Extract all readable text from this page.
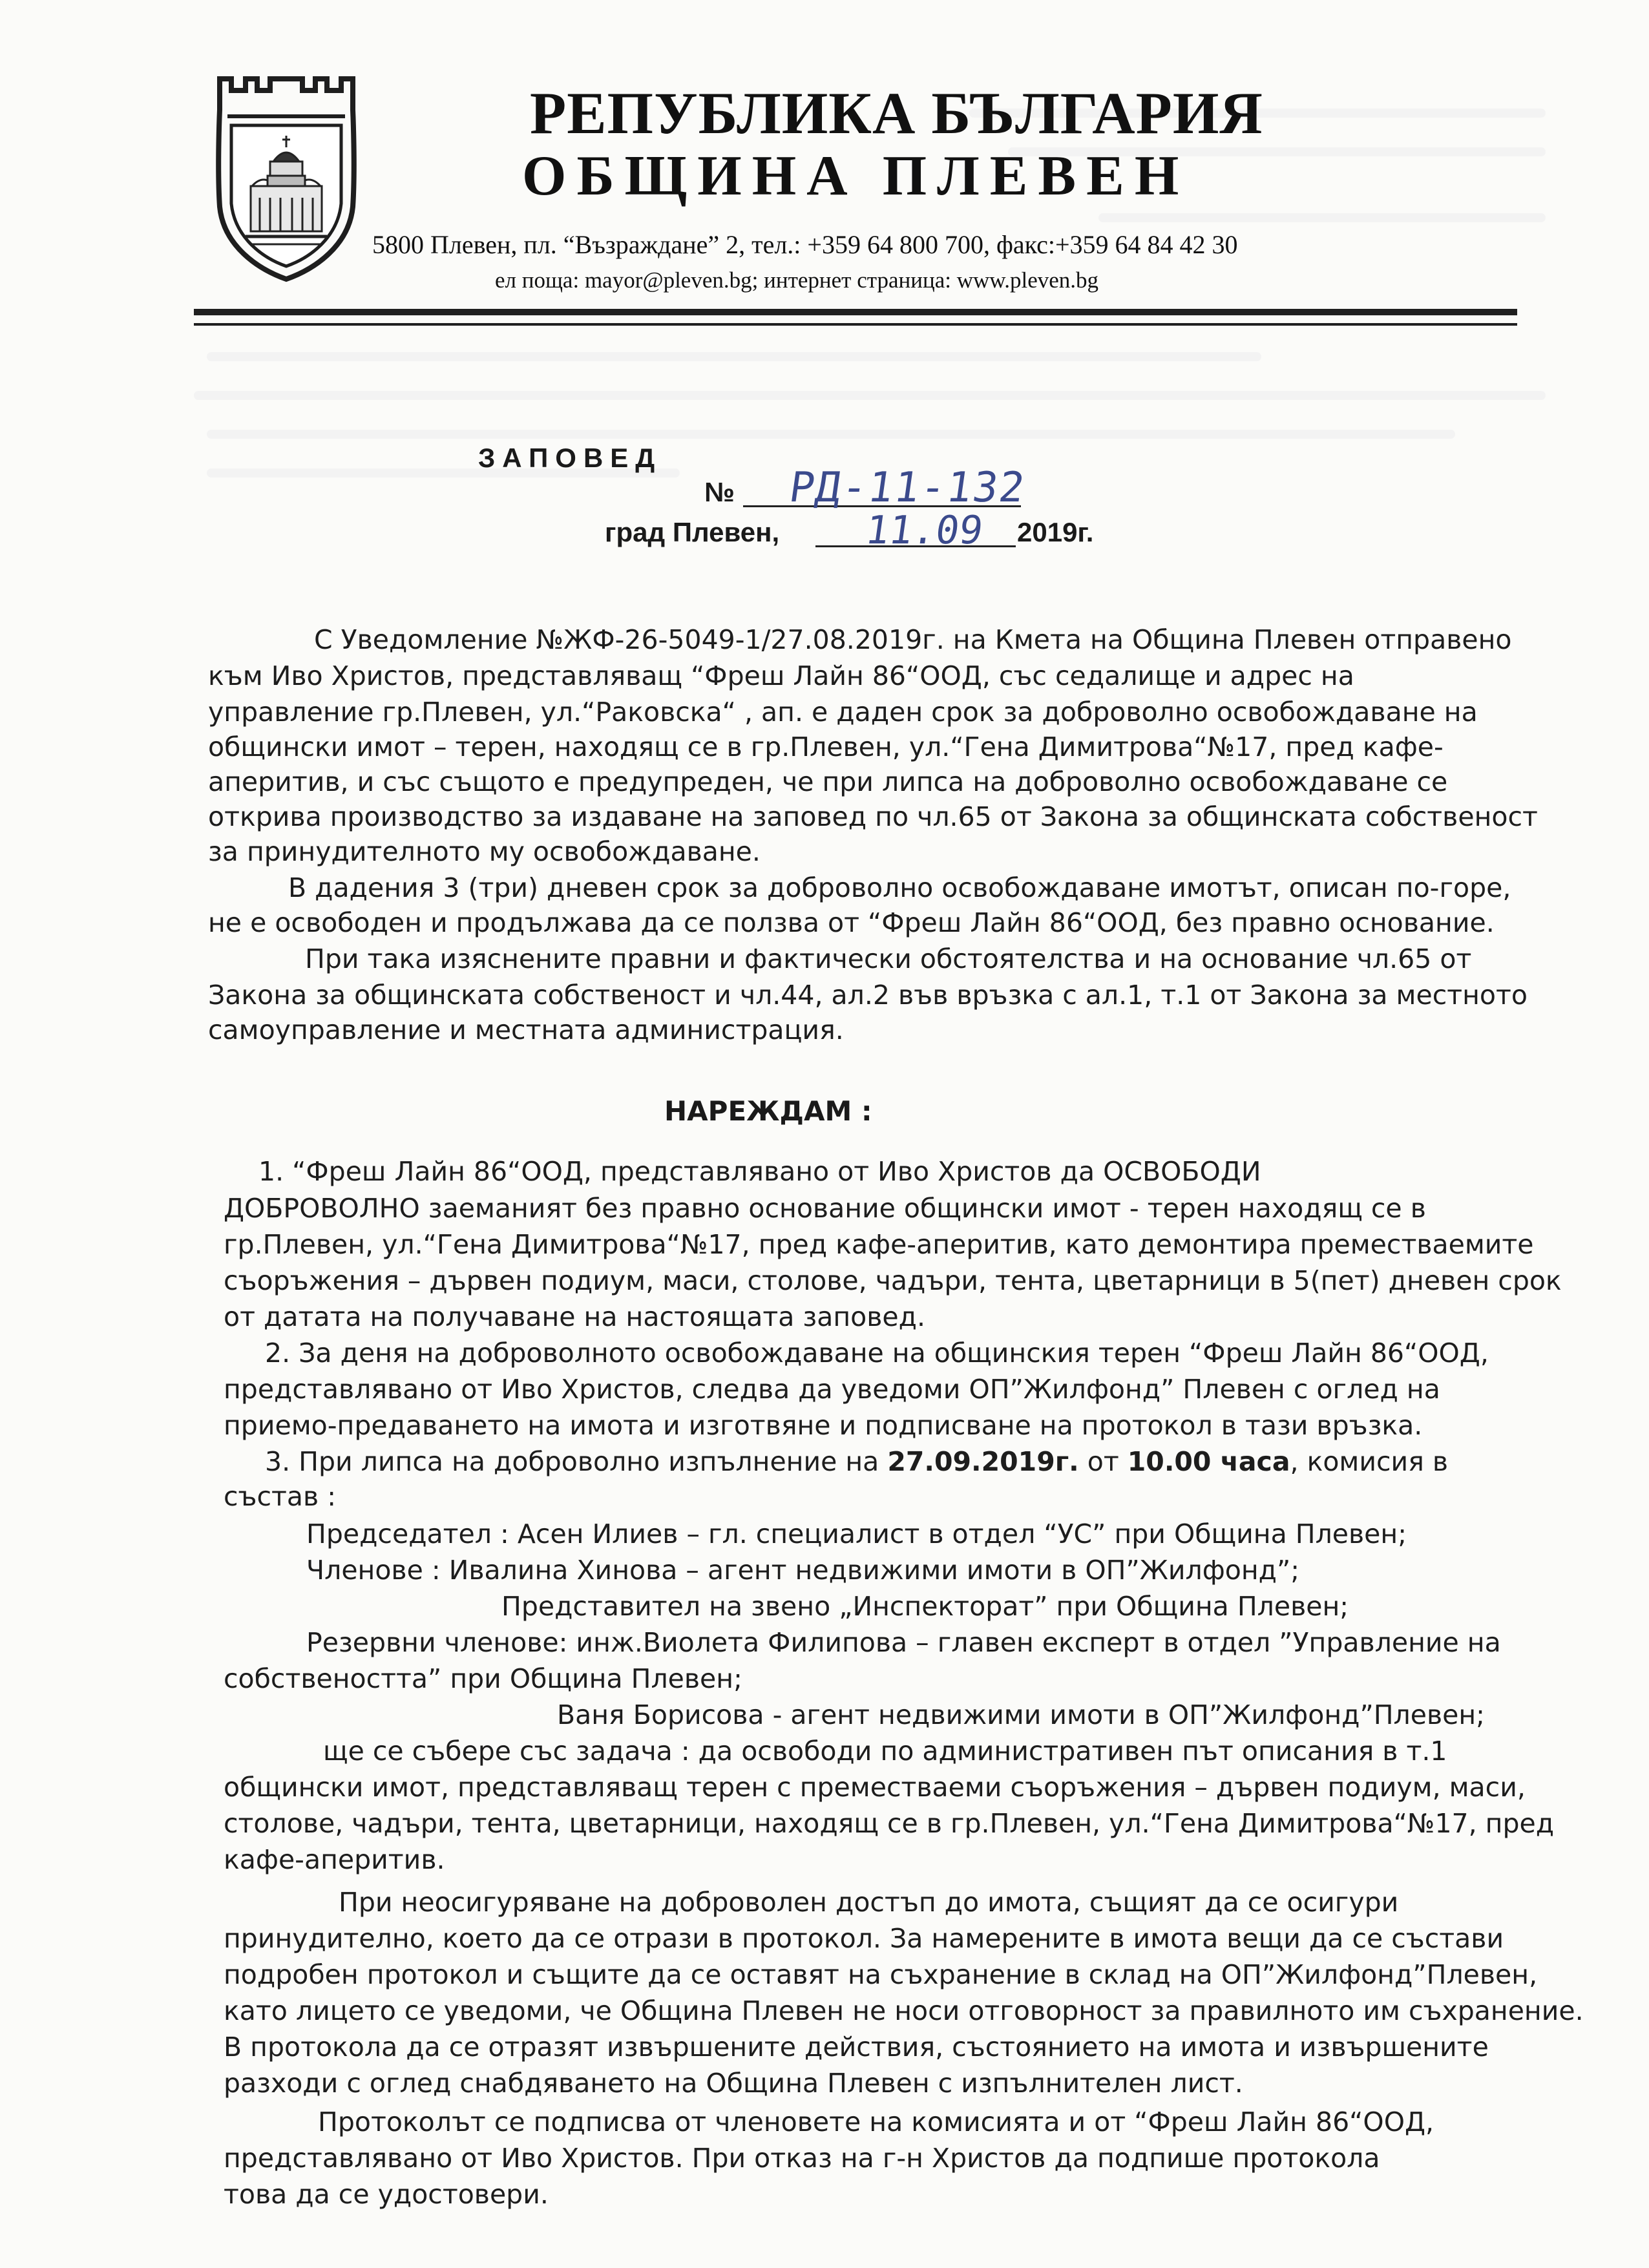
РЕПУБЛИКА БЪЛГАРИЯ
ОБЩИНА ПЛЕВЕН
5800 Плевен, пл. “Възраждане” 2, тел.: +359 64 800 700, факс:+359 64 84 42 30
ел поща: mayor@pleven.bg; интернет страница: www.pleven.bg
ЗАПОВЕД
№ РД-11-132
град Плевен, 11.09 2019г.
С Уведомление №ЖФ-26-5049-1/27.08.2019г. на Кмета на Община Плевен отправено
към Иво Христов, представляващ “Фреш Лайн 86“ООД, със седалище и адрес на
управление гр.Плевен, ул.“Раковска“ , ап. е даден срок за доброволно освобождаване на
общински имот – терен, находящ се в гр.Плевен, ул.“Гена Димитрова“№17, пред кафе-
аперитив, и със същото е предупреден, че при липса на доброволно освобождаване се
открива производство за издаване на заповед по чл.65 от Закона за общинската собственост
за принудителното му освобождаване.
В дадения 3 (три) дневен срок за доброволно освобождаване имотът, описан по-горе,
не е освободен и продължава да се ползва от “Фреш Лайн 86“ООД, без правно основание.
При така изяснените правни и фактически обстоятелства и на основание чл.65 от
Закона за общинската собственост и чл.44, ал.2 във връзка с ал.1, т.1 от Закона за местното
самоуправление и местната администрация.
НАРЕЖДАМ :
1. “Фреш Лайн 86“ООД, представлявано от Иво Христов да ОСВОБОДИ
ДОБРОВОЛНО заеманият без правно основание общински имот - терен находящ се в
гр.Плевен, ул.“Гена Димитрова“№17, пред кафе-аперитив, като демонтира преместваемите
съоръжения – дървен подиум, маси, столове, чадъри, тента, цветарници в 5(пет) дневен срок
от датата на получаване на настоящата заповед.
2. За деня на доброволното освобождаване на общинския терен “Фреш Лайн 86“ООД,
представлявано от Иво Христов, следва да уведоми ОП”Жилфонд” Плевен с оглед на
приемо-предаването на имота и изготвяне и подписване на протокол в тази връзка.
3. При липса на доброволно изпълнение на 27.09.2019г. от 10.00 часа, комисия в
състав :
Председател : Асен Илиев – гл. специалист в отдел “УС” при Община Плевен;
Членове : Ивалина Хинова – агент недвижими имоти в ОП”Жилфонд”;
Представител на звено „Инспекторат” при Община Плевен;
Резервни членове: инж.Виолета Филипова – главен експерт в отдел ”Управление на
собствеността” при Община Плевен;
Ваня Борисова - агент недвижими имоти в ОП”Жилфонд”Плевен;
ще се събере със задача : да освободи по административен път описания в т.1
общински имот, представляващ терен с преместваеми съоръжения – дървен подиум, маси,
столове, чадъри, тента, цветарници, находящ се в гр.Плевен, ул.“Гена Димитрова“№17, пред
кафе-аперитив.
При неосигуряване на доброволен достъп до имота, същият да се осигури
принудително, което да се отрази в протокол. За намерените в имота вещи да се състави
подробен протокол и същите да се оставят на съхранение в склад на ОП”Жилфонд”Плевен,
като лицето се уведоми, че Община Плевен не носи отговорност за правилното им съхранение.
В протокола да се отразят извършените действия, състоянието на имота и извършените
разходи с оглед снабдяването на Община Плевен с изпълнителен лист.
Протоколът се подписва от членовете на комисията и от “Фреш Лайн 86“ООД,
представлявано от Иво Христов. При отказ на г-н Христов да подпише протокола
това да се удостовери.
